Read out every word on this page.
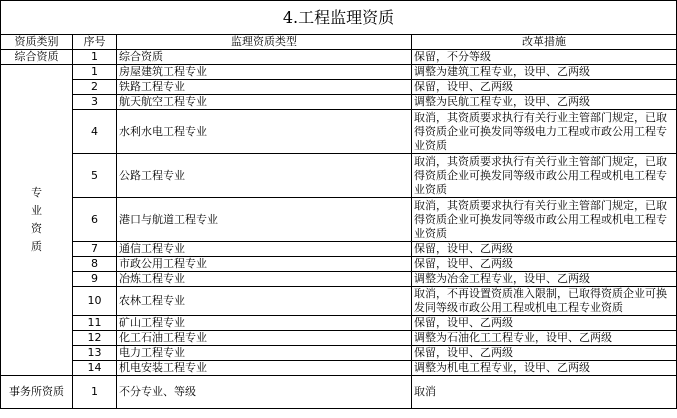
4.工程监理资质			
资质类别	序号	监理资质类型	改革措施
综合资质	1	综合资质	保留，不分等级

专
业
资
质	1	房屋建筑工程专业	调整为建筑工程专业，设甲、乙两级
	2	铁路工程专业	保留，设甲、乙两级
	3	航天航空工程专业	调整为民航工程专业，设甲、乙两级
	4	水利水电工程专业	取消，其资质要求执行有关行业主管部门规定，已取得资质企业可换发同等级电力工程或市政公用工程专业资质
	5	公路工程专业	取消，其资质要求执行有关行业主管部门规定，已取得资质企业可换发同等级市政公用工程或机电工程专业资质
	6	港口与航道工程专业	取消，其资质要求执行有关行业主管部门规定，已取得资质企业可换发同等级市政公用工程或机电工程专业资质
	7	通信工程专业	保留，设甲、乙两级
	8	市政公用工程专业	保留，设甲、乙两级
	9	冶炼工程专业	调整为冶金工程专业，设甲、乙两级
	10	农林工程专业	取消，不再设置资质准入限制，已取得资质企业可换发同等级市政公用工程或机电工程专业资质
	11	矿山工程专业	保留，设甲、乙两级
	12	化工石油工程专业	调整为石油化工工程专业，设甲、乙两级
	13	电力工程专业	保留，设甲、乙两级
	14	机电安装工程专业	调整为机电工程专业，设甲、乙两级
事务所资质	1	不分专业、等级	取消
